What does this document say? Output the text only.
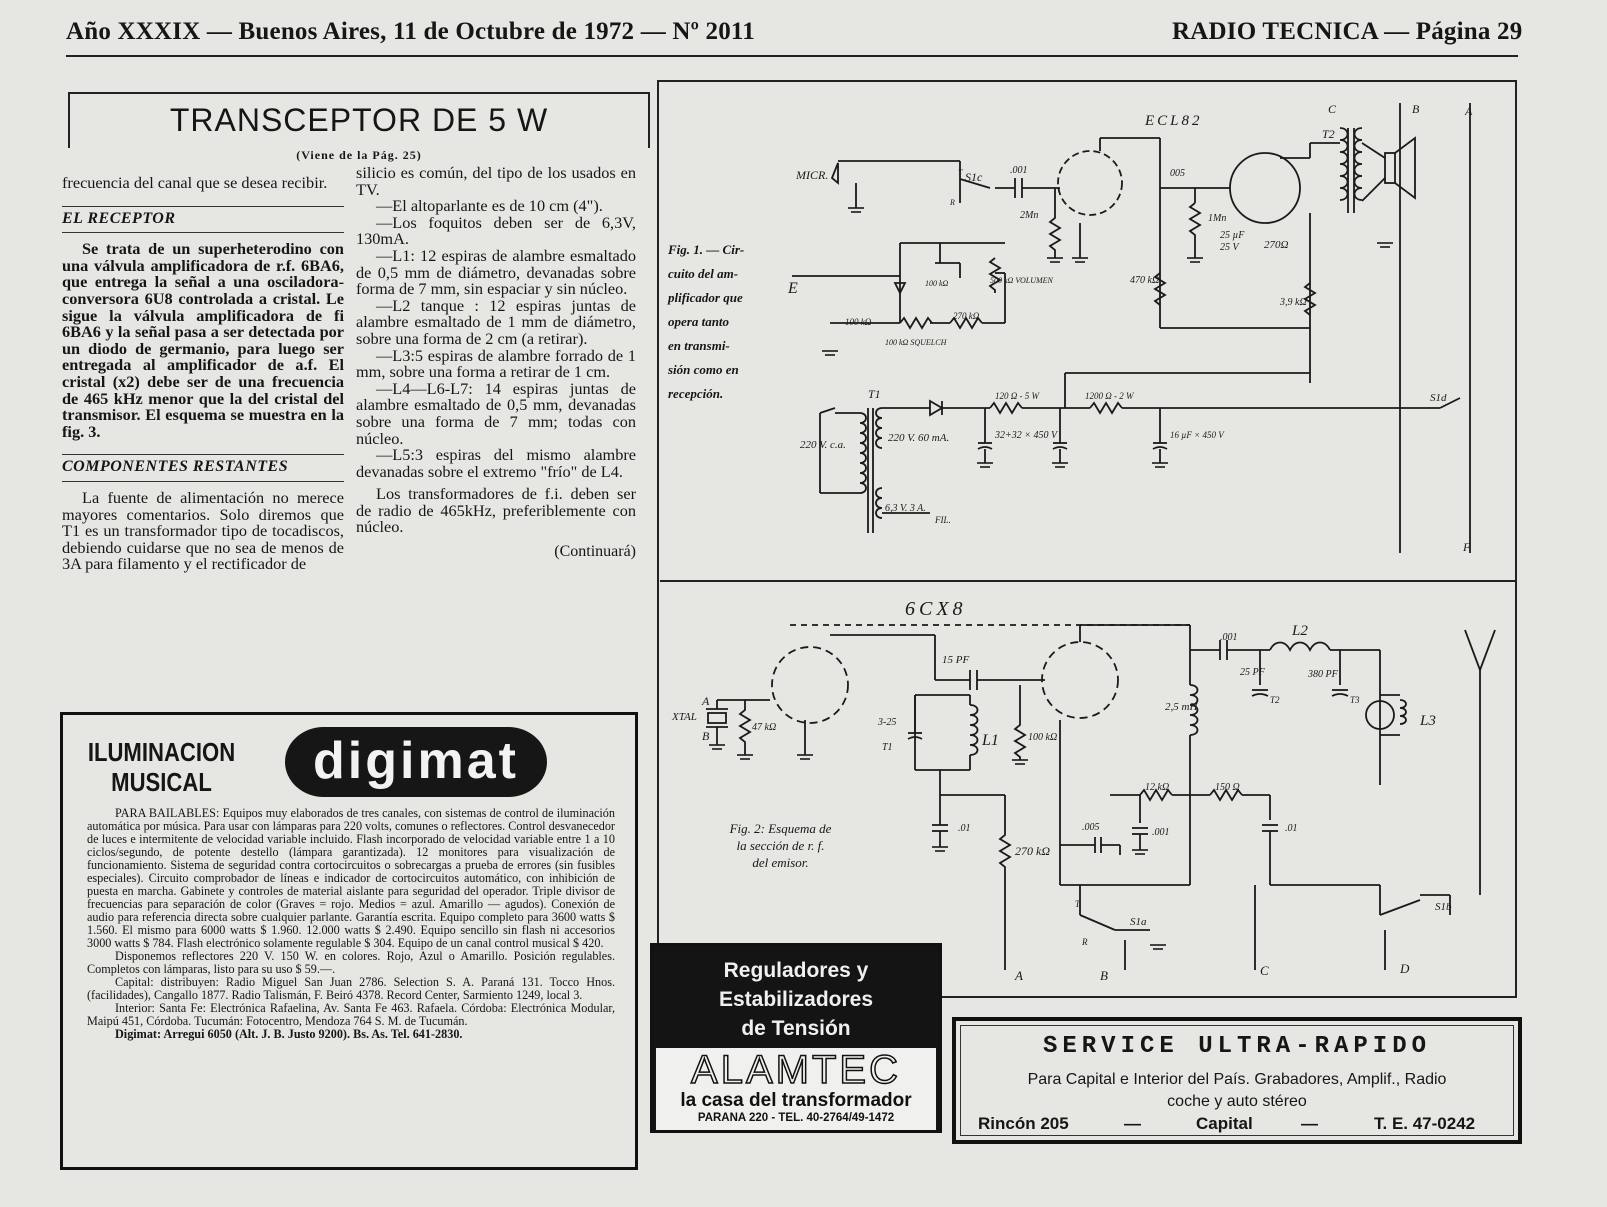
Año XXXIX — Buenos Aires, 11 de Octubre de 1972 — Nº 2011	RADIO TECNICA — Página 29
TRANSCEPTOR DE 5 W
(Viene de la Pág. 25)

frecuencia del canal que se desea recibir.

EL RECEPTOR

Se trata de un superheterodino con una válvula amplificadora de r.f. 6BA6, que entrega la señal a una osciladora-conversora 6U8 controlada a cristal. Le sigue la válvula amplificadora de fi 6BA6 y la señal pasa a ser detectada por un diodo de germanio, para luego ser entregada al amplificador de a.f. El cristal (x2) debe ser de una frecuencia de 465 kHz menor que la del cristal del transmisor. El esquema se muestra en la fig. 3.

COMPONENTES RESTANTES

La fuente de alimentación no merece mayores comentarios. Solo diremos que T1 es un transformador tipo de tocadiscos, debiendo cuidarse que no sea de menos de 3A para filamento y el rectificador de

silicio es común, del tipo de los usados en TV.

—El altoparlante es de 10 cm (4").

—Los foquitos deben ser de 6,3V, 130mA.

—L1: 12 espiras de alambre esmaltado de 0,5 mm de diámetro, devanadas sobre forma de 7 mm, sin espaciar y sin núcleo.

—L2 tanque : 12 espiras juntas de alambre esmaltado de 1 mm de diámetro, sobre una forma de 2 cm (a retirar).

—L3:5 espiras de alambre forrado de 1 mm, sobre una forma a retirar de 1 cm.

—L4—L6-L7: 14 espiras juntas de alambre esmaltado de 0,5 mm, devanadas sobre una forma de 7 mm; todas con núcleo.

—L5:3 espiras del mismo alambre devanadas sobre el extremo "frío" de L4.

Los transformadores de f.i. deben ser de radio de 465kHz, preferiblemente con núcleo.

(Continuará)
Fig. 1. — Cir-
cuito del am-
plificador que
opera tanto
en transmi-
sión como en
recepción.
ECL82
MICR.	S1c	.001	005
2Mn	1Mn
25 µF
25 V 270Ω
500 kΩ VOLUMEN
100 kΩ
100 kΩ
100 kΩ SQUELCH
270 kΩ
470 kΩ
3,9 kΩ
T2
E
A
B
C
F
T1
220 V. c.a.
220 V. 60 mA.
6,3 V. 3 A.
FIL.
120 Ω - 5 W	1200 Ω - 2 W
32+32 × 450 V	16 µF × 450 V
S1d
T
R
Fig. 2: Esquema de
la sección de r. f.
del emisor.
6CX8
XTAL
A
B
47 kΩ
15 PF
3-25
T1	L1	100 kΩ
.001	L2
25 PF
T2
380 PF
T3
L3
2,5 mH
12 kΩ	150 Ω
.01	.01
.005	.001
270 kΩ
S1a
S1b
T
R
A	B	C	D
ILUMINACION
MUSICAL	digimat

PARA BAILABLES: Equipos muy elaborados de tres canales, con sistemas de control de iluminación automática por música. Para usar con lámparas para 220 volts, comunes o reflectores. Control desvanecedor de luces e intermitente de velocidad variable incluido. Flash incorporado de velocidad variable entre 1 a 10 ciclos/segundo, de potente destello (lámpara garantizada). 12 monitores para visualización de funcionamiento. Sistema de seguridad contra cortocircuitos o sobrecargas a prueba de errores (sin fusibles especiales). Circuito comprobador de líneas e indicador de cortocircuitos automático, con inhibición de puesta en marcha. Gabinete y controles de material aislante para seguridad del operador. Triple divisor de frecuencias para separación de color (Graves = rojo. Medios = azul. Amarillo — agudos). Conexión de audio para referencia directa sobre cualquier parlante. Garantía escrita. Equipo completo para 3600 watts $ 1.560. El mismo para 6000 watts $ 1.960. 12.000 watts $ 2.490. Equipo sencillo sin flash ni accesorios 3000 watts $ 784. Flash electrónico solamente regulable $ 304. Equipo de un canal control musical $ 420.

Disponemos reflectores 220 V. 150 W. en colores. Rojo, Azul o Amarillo. Posición regulables. Completos con lámparas, listo para su uso $ 59.—.

Capital: distribuyen: Radio Miguel San Juan 2786. Selection S. A. Paraná 131. Tocco Hnos. (facilidades), Cangallo 1877. Radio Talismán, F. Beiró 4378. Record Center, Sarmiento 1249, local 3.

Interior: Santa Fe: Electrónica Rafaelina, Av. Santa Fe 463. Rafaela. Córdoba: Electrónica Modular, Maipú 451, Córdoba. Tucumán: Fotocentro, Mendoza 764 S. M. de Tucumán.

Digimat: Arregui 6050 (Alt. J. B. Justo 9200). Bs. As. Tel. 641-2830.

Reguladores y
Estabilizadores
de Tensión
ALAMTEC
la casa del transformador
PARANA 220 - TEL. 40-2764/49-1472
SERVICE ULTRA-RAPIDO
Para Capital e Interior del País. Grabadores, Amplif., Radio
coche y auto stéreo
Rincón 205	—	Capital	—	T. E. 47-0242
